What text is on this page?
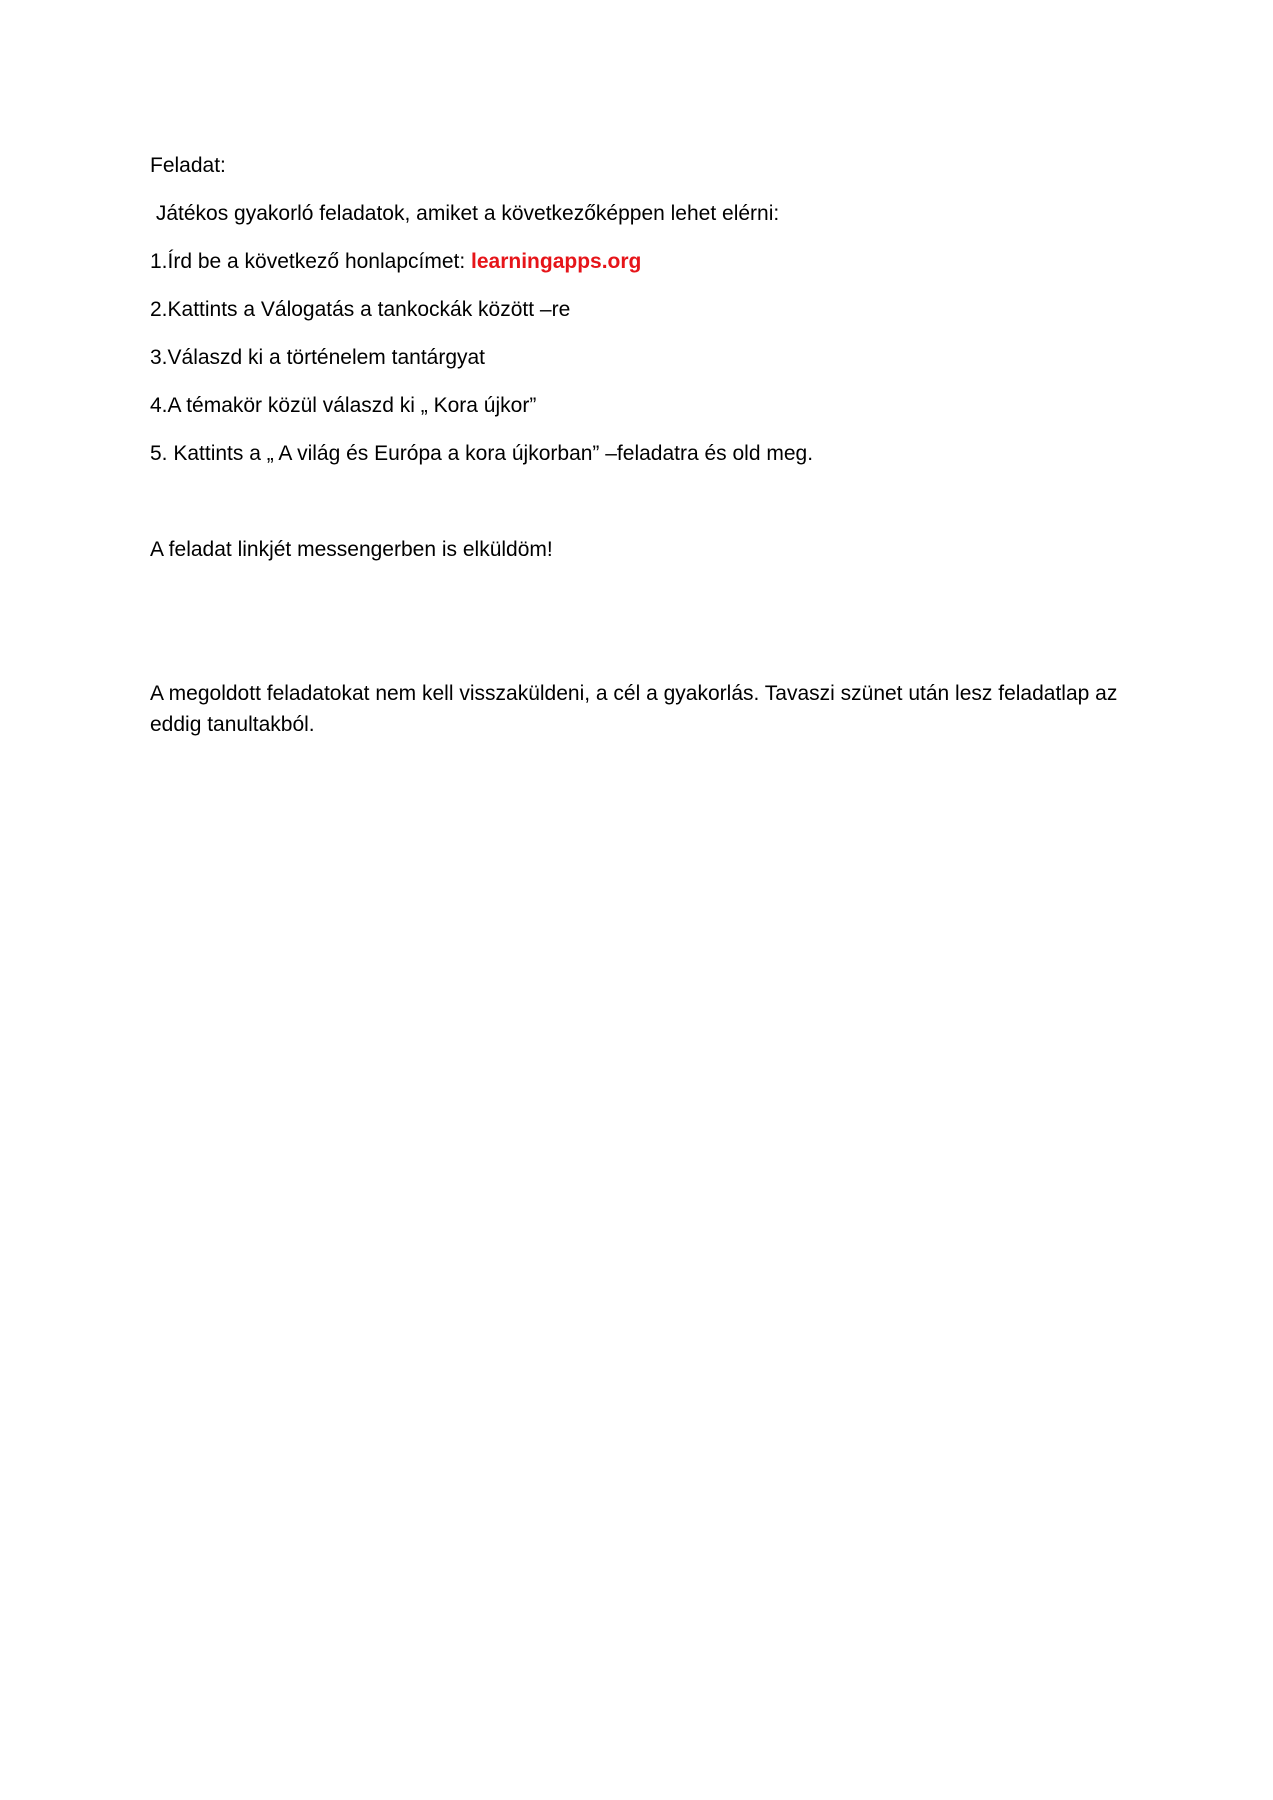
Feladat:

Játékos gyakorló feladatok, amiket a következőképpen lehet elérni:

1.Írd be a következő honlapcímet: learningapps.org

2.Kattints a Válogatás a tankockák között –re

3.Válaszd ki a történelem tantárgyat

4.A témakör közül válaszd ki „ Kora újkor”

5. Kattints a „ A világ és Európa a kora újkorban” –feladatra és old meg.

A feladat linkjét messengerben is elküldöm!

A megoldott feladatokat nem kell visszaküldeni, a cél a gyakorlás. Tavaszi szünet után lesz feladatlap az eddig tanultakból.
